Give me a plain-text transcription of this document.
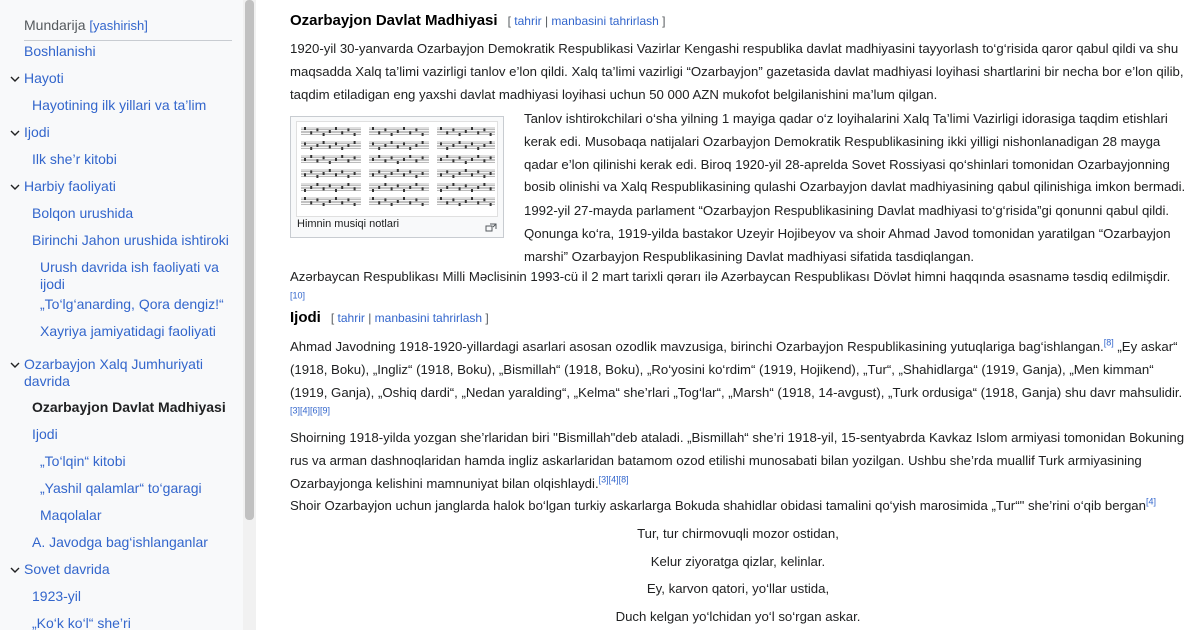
Mundarija [yashirish]
Boshlanishi
Hayoti
Hayotining ilk yillari va ta’lim
Ijodi
Ilk she’r kitobi
Harbiy faoliyati
Bolqon urushida
Birinchi Jahon urushida ishtiroki
Urush davrida ish faoliyati va ijodi
„To‘lg‘anarding, Qora dengiz!“
Xayriya jamiyatidagi faoliyati
Ozarbayjon Xalq Jumhuriyati davrida
Ozarbayjon Davlat Madhiyasi
Ijodi
„To‘lqin“ kitobi
„Yashil qalamlar“ to‘garagi
Maqolalar
A. Javodga bag‘ishlanganlar
Sovet davrida
1923-yil
„Ko‘k ko‘l“ she’ri
Ozarbayjon Davlat Madhiyasi [ tahrir | manbasini tahrirlash ]
1920-yil 30-yanvarda Ozarbayjon Demokratik Respublikasi Vazirlar Kengashi respublika davlat madhiyasini tayyorlash to‘g‘risida qaror qabul qildi va shu maqsadda Xalq ta’limi vazirligi tanlov e’lon qildi. Xalq ta’limi vazirligi “Ozarbayjon” gazetasida davlat madhiyasi loyihasi shartlarini bir necha bor e’lon qilib, taqdim etiladigan eng yaxshi davlat madhiyasi loyihasi uchun 50 000 AZN mukofot belgilanishini ma’lum qilgan.
Himnin musiqi notlari
Tanlov ishtirokchilari o‘sha yilning 1 mayiga qadar o‘z loyihalarini Xalq Ta’limi Vazirligi idorasiga taqdim etishlari kerak edi. Musobaqa natijalari Ozarbayjon Demokratik Respublikasining ikki yilligi nishonlanadigan 28 mayga qadar e’lon qilinishi kerak edi. Biroq 1920-yil 28-aprelda Sovet Rossiyasi qo‘shinlari tomonidan Ozarbayjonning bosib olinishi va Xalq Respublikasining qulashi Ozarbayjon davlat madhiyasining qabul qilinishiga imkon bermadi.
1992-yil 27-mayda parlament “Ozarbayjon Respublikasining Davlat madhiyasi to‘g‘risida”gi qonunni qabul qildi. Qonunga ko‘ra, 1919-yilda bastakor Uzeyir Hojibeyov va shoir Ahmad Javod tomonidan yaratilgan “Ozarbayjon marshi” Ozarbayjon Respublikasining Davlat madhiyasi sifatida tasdiqlangan.
Azərbaycan Respublikası Milli Məclisinin 1993-cü il 2 mart tarixli qərarı ilə Azərbaycan Respublikası Dövlət himni haqqında əsasnamə təsdiq edilmişdir. [10]
Ijodi [ tahrir | manbasini tahrirlash ]
Ahmad Javodning 1918-1920-yillardagi asarlari asosan ozodlik mavzusiga, birinchi Ozarbayjon Respublikasining yutuqlariga bag‘ishlangan.[8] „Ey askar“ (1918, Boku), „Ingliz“ (1918, Boku), „Bismillah“ (1918, Boku), „Ro‘yosini ko‘rdim“ (1919, Hojikend), „Tur“, „Shahidlarga“ (1919, Ganja), „Men kimman“ (1919, Ganja), „Oshiq dardi“, „Nedan yaralding“, „Kelma“ she’rlari „Tog‘lar“, „Marsh“ (1918, 14-avgust), „Turk ordusiga“ (1918, Ganja) shu davr mahsulidir.[3][4][6][9]
Shoirning 1918-yilda yozgan she’rlaridan biri "Bismillah"deb ataladi. „Bismillah“ she’ri 1918-yil, 15-sentyabrda Kavkaz Islom armiyasi tomonidan Bokuning rus va arman dashnoqlaridan hamda ingliz askarlaridan batamom ozod etilishi munosabati bilan yozilgan. Ushbu she’rda muallif Turk armiyasining Ozarbayjonga kelishini mamnuniyat bilan olqishlaydi.[3][4][8]
Shoir Ozarbayjon uchun janglarda halok bo‘lgan turkiy askarlarga Bokuda shahidlar obidasi tamalini qo‘yish marosimida „Tur“" she’rini o‘qib bergan[4]
Tur, tur chirmovuqli mozor ostidan,
Kelur ziyoratga qizlar, kelinlar.
Ey, karvon qatori, yo‘llar ustida,
Duch kelgan yo‘lchidan yo‘l so‘rgan askar.
